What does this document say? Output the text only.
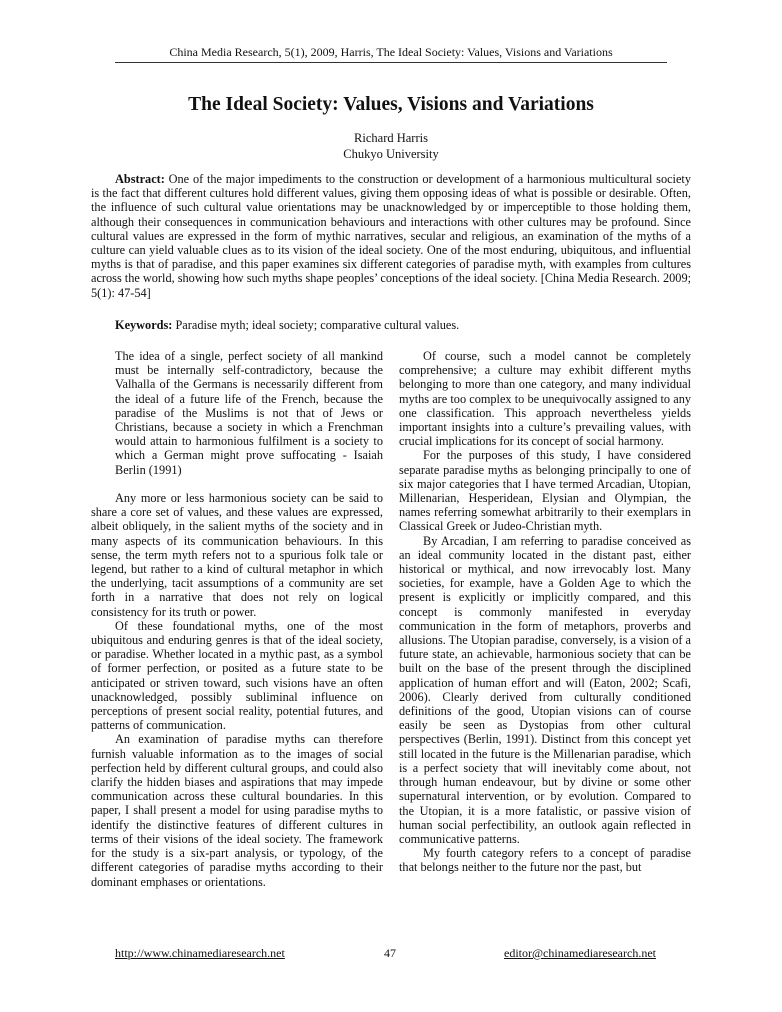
China Media Research, 5(1), 2009, Harris, The Ideal Society: Values, Visions and Variations
The Ideal Society: Values, Visions and Variations
Richard Harris
Chukyo University

Abstract: One of the major impediments to the construction or development of a harmonious multicultural society is the fact that different cultures hold different values, giving them opposing ideas of what is possible or desirable. Often, the influence of such cultural value orientations may be unacknowledged by or imperceptible to those holding them, although their consequences in communication behaviours and interactions with other cultures may be profound. Since cultural values are expressed in the form of mythic narratives, secular and religious, an examination of the myths of a culture can yield valuable clues as to its vision of the ideal society. One of the most enduring, ubiquitous, and influential myths is that of paradise, and this paper examines six different categories of paradise myth, with examples from cultures across the world, showing how such myths shape peoples’ conceptions of the ideal society. [China Media Research. 2009; 5(1): 47-54]

Keywords: Paradise myth; ideal society; comparative cultural values.

The idea of a single, perfect society of all mankind must be internally self-contradictory, because the Valhalla of the Germans is necessarily different from the ideal of a future life of the French, because the paradise of the Muslims is not that of Jews or Christians, because a society in which a Frenchman would attain to harmonious fulfilment is a society to which a German might prove suffocating - Isaiah Berlin (1991)

Any more or less harmonious society can be said to share a core set of values, and these values are expressed, albeit obliquely, in the salient myths of the society and in many aspects of its communication behaviours. In this sense, the term myth refers not to a spurious folk tale or legend, but rather to a kind of cultural metaphor in which the underlying, tacit assumptions of a community are set forth in a narrative that does not rely on logical consistency for its truth or power.

Of these foundational myths, one of the most ubiquitous and enduring genres is that of the ideal society, or paradise. Whether located in a mythic past, as a symbol of former perfection, or posited as a future state to be anticipated or striven toward, such visions have an often unacknowledged, possibly subliminal influence on perceptions of present social reality, potential futures, and patterns of communication.

An examination of paradise myths can therefore furnish valuable information as to the images of social perfection held by different cultural groups, and could also clarify the hidden biases and aspirations that may impede communication across these cultural boundaries. In this paper, I shall present a model for using paradise myths to identify the distinctive features of different cultures in terms of their visions of the ideal society. The framework for the study is a six-part analysis, or typology, of the different categories of paradise myths according to their dominant emphases or orientations.

Of course, such a model cannot be completely comprehensive; a culture may exhibit different myths belonging to more than one category, and many individual myths are too complex to be unequivocally assigned to any one classification. This approach nevertheless yields important insights into a culture’s prevailing values, with crucial implications for its concept of social harmony.

For the purposes of this study, I have considered separate paradise myths as belonging principally to one of six major categories that I have termed Arcadian, Utopian, Millenarian, Hesperidean, Elysian and Olympian, the names referring somewhat arbitrarily to their exemplars in Classical Greek or Judeo-Christian myth.

By Arcadian, I am referring to paradise conceived as an ideal community located in the distant past, either historical or mythical, and now irrevocably lost. Many societies, for example, have a Golden Age to which the present is explicitly or implicitly compared, and this concept is commonly manifested in everyday communication in the form of metaphors, proverbs and allusions. The Utopian paradise, conversely, is a vision of a future state, an achievable, harmonious society that can be built on the base of the present through the disciplined application of human effort and will (Eaton, 2002; Scafi, 2006). Clearly derived from culturally conditioned definitions of the good, Utopian visions can of course easily be seen as Dystopias from other cultural perspectives (Berlin, 1991). Distinct from this concept yet still located in the future is the Millenarian paradise, which is a perfect society that will inevitably come about, not through human endeavour, but by divine or some other supernatural intervention, or by evolution. Compared to the Utopian, it is a more fatalistic, or passive vision of human social perfectibility, an outlook again reflected in communicative patterns.

My fourth category refers to a concept of paradise that belongs neither to the future nor the past, but

http://www.chinamediaresearch.net	47	editor@chinamediaresearch.net
